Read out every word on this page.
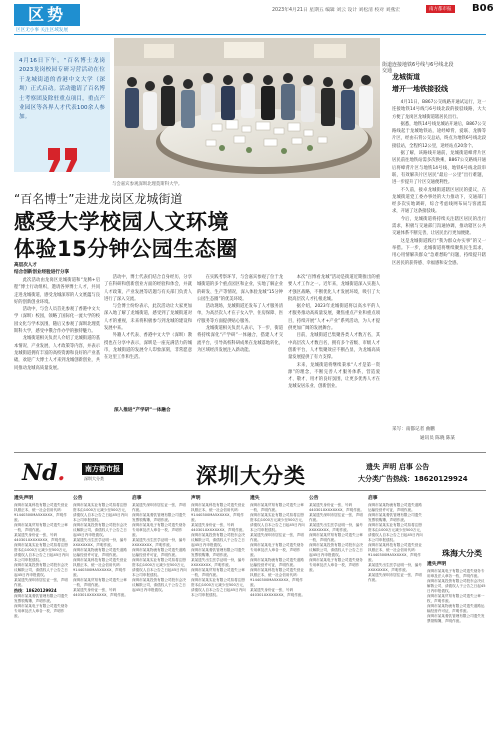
区势
区区无小事 关注区域发展
2023年4月21日 星期五 编辑 刘云 设计 刘松清 校对 刘燕宏	南方都市报	B06
4月16日下午，“百名博士龙岗2023龙岗校园专研习营活动在位于龙城街道的香港中文大学（深圳）正式启动。活动邀请了百名博士考察团及除驻重点项目，重点产业园区等各界人才代表100余人参加。
与会嘉宾参观深圳北理莫斯科大学。
街道交通
连接地铁6号线与6号线北段
龙城街道
增开一地铁接驳线

4月11日，B867公交线路开通试运行，这一连接地铁14号线与6号线北段的接驳线路，大大方便了龙岗区龙城街道辖居民出行。

据悉，地铁14号线龙城站开通后，B867公交路线起于龙城地铁站，途经嶂背、爱联、龙腾等片区，经由石背公交总站，终点为地铁6号线北段接驳站，全程约12公里，途经站点20余个。

据了解，该路线开通前，龙城街道嶂背片区居民前往地铁站需多次换乘，B867公交路线开通后将嶂背片区与地铁14号线、地铁6号线北段串联，有效解决片区居民“最后一公里”出行难题，进一步提升了片区交通便利性。

不久前，接卓龙城街道辖区居民的提议，在龙城街道党工委办事处的大力推动下，交通部门经多次实地调研，综合考虑线网布局与客流需求，开通了这条接驳线。

今后，龙城街道将持续关注辖区居民的出行需求，积极与交通部门沟通协调，推动辖区公共交通体系不断完善，让居民出行更加便捷。

这是龙城街道践行“我为群众办实事”的又一举措。下一步，龙城街道将继续聚焦民生需求，用心用情解决群众“急难愁盼”问题，持续提升辖区居民的获得感、幸福感和安全感。

采写：南都记者 曲鹏
通讯员 陈晓 陈某
“百名博士”走进龙岗区龙城街道
感受大学校园人文环境
体验15分钟公园生态圈
高层次人才
结合创新创业经验进行分享

此次活动由龙岗区龙城街道和“龙腾+启程”博士行动组织，邀请各界博士人才，共同走进龙城街道，感受龙城深厚的人文底蕴与良好的创新创业环境。

活动中，与会人员首先参观了香港中文大学（深圳）校园，领略了国际化一流大学的校园文化与学术氛围，随后又参观了深圳北理莫斯科大学，感受中俄合作办学的独特魅力。

龙城街道相关负责人介绍了龙城街道的基本情况、产业发展、人才政策等内容，并表示龙城街道拥有丰富的高校资源和良好的产业基础，欢迎广大博士人才来到龙城创新创业，共同推动龙城高质量发展。

活动中，博士代表们结合自身经历，分享了在科研和创新创业方面的经验和体会，并就人才政策、产业发展等话题与有关部门负责人进行了深入交流。

与会博士纷纷表示，此次活动让大家更加深入地了解了龙城街道，感受到了龙城街道对人才的重视，未来将积极参与到龙城的建设和发展中来。

外籍人才代表、香港中文大学（深圳）教授也在分享中表示，深圳是一座充满活力的城市，龙城街道的发展令人印象深刻，非常愿意在这里工作和生活。

深入推进“产学研”一体融合

在实践考察环节，与会嘉宾参观了位于龙城街道的多个重点园区和企业，实地了解企业的研发、生产等情况，深入体验龙城“15分钟公园生态圈”的优美环境。

活动现场，龙城街道还发布了人才服务清单，为高层次人才在子女入学、住房保障、医疗服务等方面提供贴心服务。

龙城街道相关负责人表示，下一步，街道将持续深化“产学研”一体融合，搭建人才交流平台，引导高校科研成果在龙城落地转化，为区域经济发展注入新动能。

本次“百博看龙城”活动是街道近期推出的重要人才工作之一。近年来，龙城街道深入实施人才强区战略，不断优化人才发展环境，吸引了大批高层次人才扎根龙城。

据介绍，2023年龙城街道将以高水平的人才服务推动高质量发展，聚焦重点产业和重点项目，持续开展“人才+产业”系列活动，为人才提供更加广阔的发展舞台。

目前，龙城街道已集聚各类人才数万名，其中高层次人才数百名，拥有多个省级、市级人才创新平台，人才集聚效应不断凸显，为龙城高质量发展提供了有力支撑。

未来，龙城街道将继续秉承“人才是第一资源”的理念，不断完善人才服务体系，营造爱才、敬才、用才的良好氛围，让更多优秀人才在龙城安居乐业、创新创业。

Nd.	南方都市报
深圳大分类	深圳大分类	遗失 声明 启事 公告
大分类广告热线：18620129924
遗失声明
深圳市某某科技有限公司遗失营业执照正本，统一社会信用代码：91440300MA5XXXXX，声明作废。
深圳市某某贸易有限公司遗失公章一枚，声明作废。
某某遗失身份证一张，号码440301XXXXXXXX，声明作废。
深圳市某某实业有限公司拟将注册资本由1000万元减少至500万元，请债权人自本公告之日起45日内向本公司申报债权。
深圳市某某投资有限公司股东会决议解散公司，请债权人于公告之日起45日内申报债权。
某某遗失深圳市居住证一张，声明作废。
热线：18620129924
深圳市某某餐饮管理有限公司遗失发票领购簿，声明作废。
深圳市某某电子有限公司遗失财务专用章及法人章各一枚，声明作废。
公告
深圳市某某实业有限公司拟将注册资本由1000万元减少至500万元，请债权人自本公告之日起45日内向本公司申报债权。
深圳市某某投资有限公司股东会决议解散公司，请债权人于公告之日起45日内申报债权。
某某遗失出生医学证明一份，编号XXXXXXXX，声明作废。
深圳市某某物流有限公司遗失道路运输经营许可证，声明作废。
深圳市某某科技有限公司遗失营业执照正本，统一社会信用代码：91440300MA5XXXXX，声明作废。
深圳市某某贸易有限公司遗失公章一枚，声明作废。
某某遗失身份证一张，号码440301XXXXXXXX，声明作废。
启事
某某遗失深圳市居住证一张，声明作废。
深圳市某某餐饮管理有限公司遗失发票领购簿，声明作废。
深圳市某某电子有限公司遗失财务专用章及法人章各一枚，声明作废。
某某遗失出生医学证明一份，编号XXXXXXXX，声明作废。
深圳市某某物流有限公司遗失道路运输经营许可证，声明作废。
深圳市某某实业有限公司拟将注册资本由1000万元减少至500万元，请债权人自本公告之日起45日内向本公司申报债权。
深圳市某某投资有限公司股东会决议解散公司，请债权人于公告之日起45日内申报债权。
声明
深圳市某某科技有限公司遗失营业执照正本，统一社会信用代码：91440300MA5XXXXX，声明作废。
某某遗失身份证一张，号码440301XXXXXXXX，声明作废。
深圳市某某投资有限公司股东会决议解散公司，请债权人于公告之日起45日内申报债权。
深圳市某某餐饮管理有限公司遗失发票领购簿，声明作废。
某某遗失出生医学证明一份，编号XXXXXXXX，声明作废。
深圳市某某贸易有限公司遗失公章一枚，声明作废。
深圳市某某实业有限公司拟将注册资本由1000万元减少至500万元，请债权人自本公告之日起45日内向本公司申报债权。
遗失
深圳市某某贸易有限公司遗失公章一枚，声明作废。
深圳市某某实业有限公司拟将注册资本由1000万元减少至500万元，请债权人自本公告之日起45日内向本公司申报债权。
某某遗失深圳市居住证一张，声明作废。
深圳市某某电子有限公司遗失财务专用章及法人章各一枚，声明作废。
深圳市某某物流有限公司遗失道路运输经营许可证，声明作废。
深圳市某某科技有限公司遗失营业执照正本，统一社会信用代码：91440300MA5XXXXX，声明作废。
某某遗失身份证一张，号码440301XXXXXXXX，声明作废。
公告
某某遗失身份证一张，号码440301XXXXXXXX，声明作废。
某某遗失深圳市居住证一张，声明作废。
某某遗失出生医学证明一份，编号XXXXXXXX，声明作废。
深圳市某某贸易有限公司遗失公章一枚，声明作废。
深圳市某某投资有限公司股东会决议解散公司，请债权人于公告之日起45日内申报债权。
深圳市某某电子有限公司遗失财务专用章及法人章各一枚，声明作废。
启事
深圳市某某物流有限公司遗失道路运输经营许可证，声明作废。
深圳市某某餐饮管理有限公司遗失发票领购簿，声明作废。
深圳市某某实业有限公司拟将注册资本由1000万元减少至500万元，请债权人自本公告之日起45日内向本公司申报债权。
深圳市某某科技有限公司遗失营业执照正本，统一社会信用代码：91440300MA5XXXXX，声明作废。
某某遗失出生医学证明一份，编号XXXXXXXX，声明作废。
某某遗失深圳市居住证一张，声明作废。
遗失声明
深圳市某某电子有限公司遗失财务专用章及法人章各一枚，声明作废。
深圳市某某投资有限公司股东会决议解散公司，请债权人于公告之日起45日内申报债权。
深圳市某某贸易有限公司遗失公章一枚，声明作废。
深圳市某某物流有限公司遗失道路运输经营许可证，声明作废。
深圳市某某餐饮管理有限公司遗失发票领购簿，声明作废。
珠海大分类
